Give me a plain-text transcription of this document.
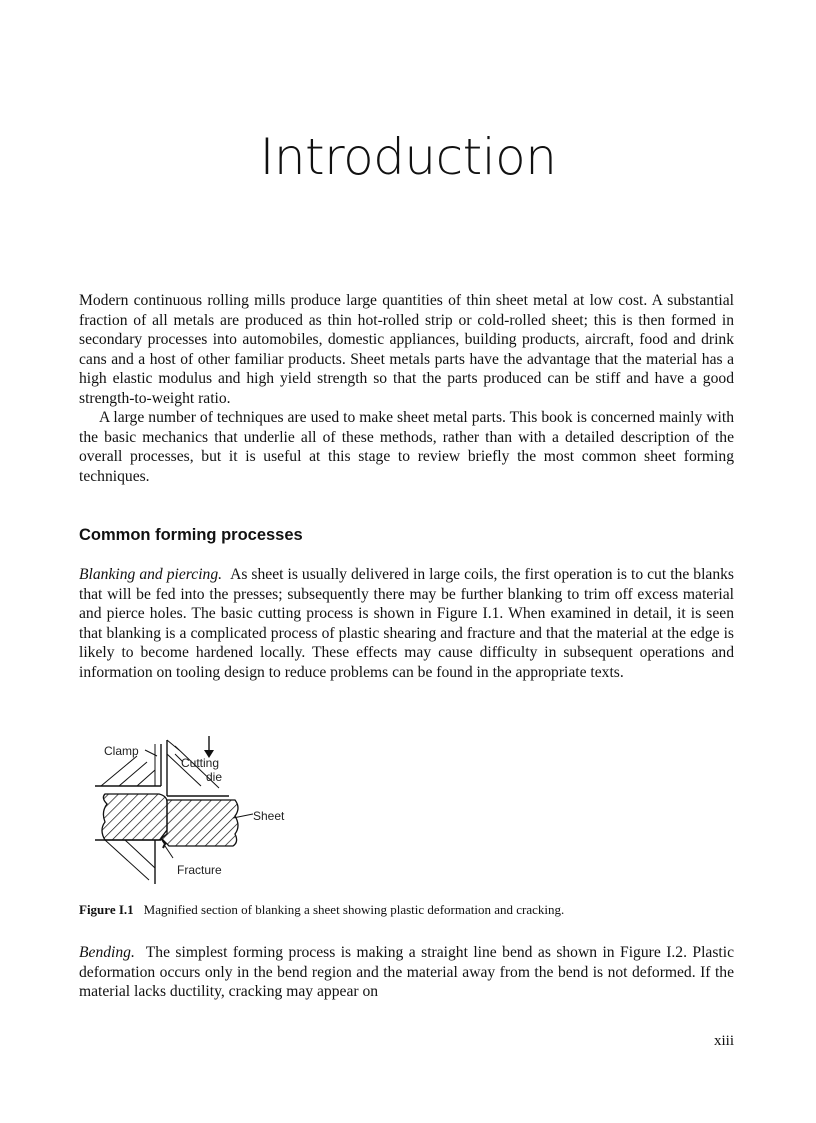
Introduction

Modern continuous rolling mills produce large quantities of thin sheet metal at low cost. A substantial fraction of all metals are produced as thin hot-rolled strip or cold-rolled sheet; this is then formed in secondary processes into automobiles, domestic appliances, building products, aircraft, food and drink cans and a host of other familiar products. Sheet metals parts have the advantage that the material has a high elastic modulus and high yield strength so that the parts produced can be stiff and have a good strength-to-weight ratio.

A large number of techniques are used to make sheet metal parts. This book is concerned mainly with the basic mechanics that underlie all of these methods, rather than with a detailed description of the overall processes, but it is useful at this stage to review briefly the most common sheet forming techniques.

Common forming processes

Blanking and piercing. As sheet is usually delivered in large coils, the first operation is to cut the blanks that will be fed into the presses; subsequently there may be further blanking to trim off excess material and pierce holes. The basic cutting process is shown in Figure I.1. When examined in detail, it is seen that blanking is a complicated process of plastic shearing and fracture and that the material at the edge is likely to become hardened locally. These effects may cause difficulty in subsequent operations and information on tooling design to reduce problems can be found in the appropriate texts.

Clamp
Cutting
die
Sheet
Fracture
Figure I.1 Magnified section of blanking a sheet showing plastic deformation and cracking.

Bending. The simplest forming process is making a straight line bend as shown in Figure I.2. Plastic deformation occurs only in the bend region and the material away from the bend is not deformed. If the material lacks ductility, cracking may appear on

xiii
